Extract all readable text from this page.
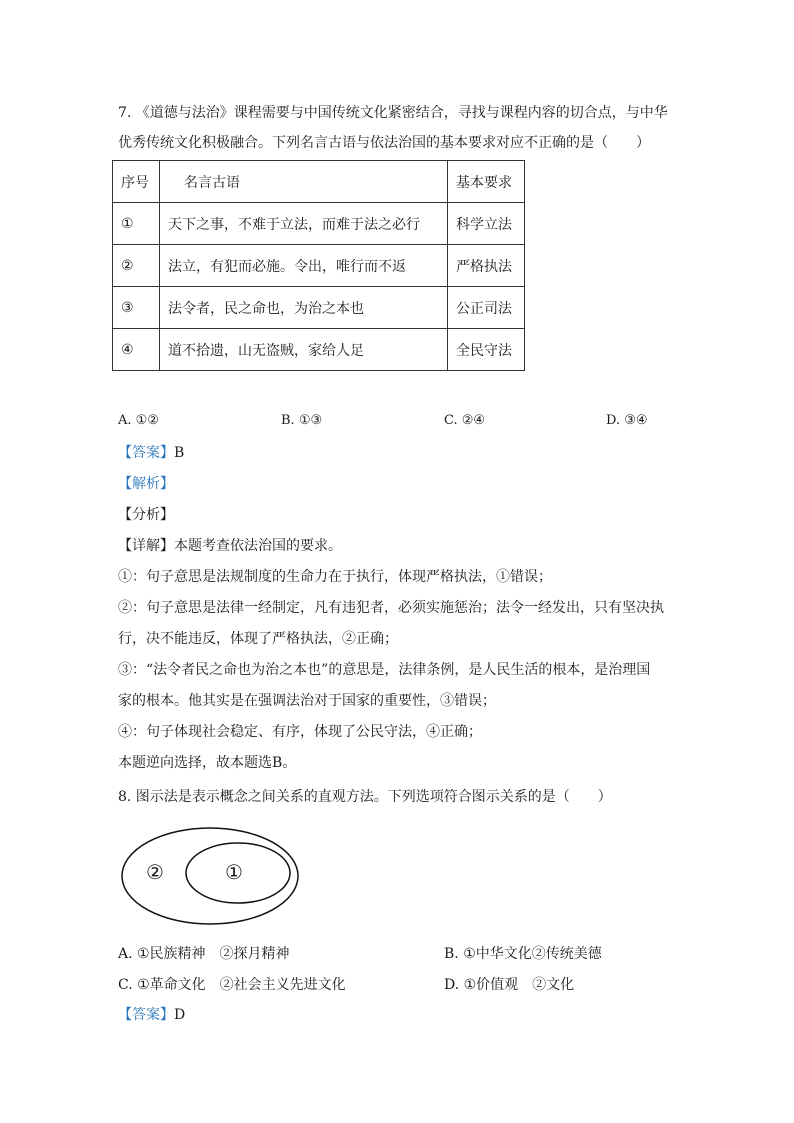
7. 《道德与法治》课程需要与中国传统文化紧密结合，寻找与课程内容的切合点，与中华
优秀传统文化积极融合。下列名言古语与依法治国的基本要求对应不正确的是（　　）
序号	名言古语	基本要求
①	天下之事，不难于立法，而难于法之必行	科学立法
②	法立，有犯而必施。令出，唯行而不返	严格执法
③	法令者，民之命也，为治之本也	公正司法
④	道不拾遗，山无盗贼，家给人足	全民守法
A. ①②	B. ①③	C. ②④	D. ③④
【答案】B
【解析】
【分析】
【详解】本题考查依法治国的要求。
①：句子意思是法规制度的生命力在于执行，体现严格执法，①错误；
②：句子意思是法律一经制定，凡有违犯者，必须实施惩治；法令一经发出，只有坚决执
行，决不能违反，体现了严格执法，②正确；
③：“法令者民之命也为治之本也”的意思是，法律条例，是人民生活的根本，是治理国
家的根本。他其实是在强调法治对于国家的重要性，③错误；
④：句子体现社会稳定、有序，体现了公民守法，④正确；
本题逆向选择，故本题选B。
8. 图示法是表示概念之间关系的直观方法。下列选项符合图示关系的是（　　）
②	①
A. ①民族精神　②探月精神	B. ①中华文化②传统美德
C. ①革命文化　②社会主义先进文化	D. ①价值观　②文化
【答案】D
